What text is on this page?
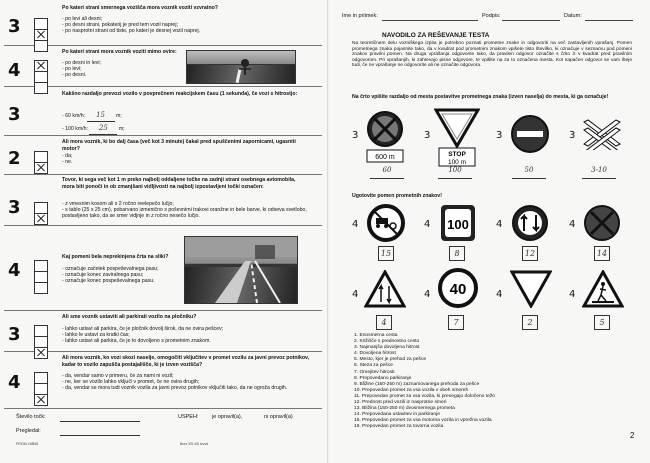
3
Po kateri strani smernega vozišča mora voznik voziti vzvratno?
- po levi ali desni;
- po desni strani, pokaterij je pred tem vozil naprej;
- po nasprotni strani od tiste, po kateri je desnej vozil naprej.
4
Po kateri strani mora voznik voziti mimo ovire:
- po desni in levi;
- po levi;
- po desni.
3
Kakšno razdaljo prevozi vozilo v povprečnem reakcijskem času (1 sekunda), če vozi s hitrostjo:
- 60 km/h: 15 m;
- 100 km/h: 25 m;
2
Ali mora voznik, ki bo dalj časa (več kot 3 minute) čakal pred spuščenimi zapornicami, ugasniti motor?
- da;
- ne.
3
Tovor, ki sega več kot 1 m preko najbolj oddaljene točke na zadnji strani osebnega avtomobila, mora biti ponoči in ob zmanjšani vidljivosti na najbolj izpostavljeni točki označen:
- z vmesnim kosom ali s 2 ročno reelepečo lučjo;
- s tablo (25 x 25 cm), pobarvano izmenično s poševnimi trakovi oranžne in bele barve, ki odseva svetlobo, postavljeno tako, da se smer vidjnje in z ročno nesečo lučjo.
4
Kaj pomeni bela neprekinjena črta na sliki?
- označuje začetek pospeševalnega pasu;
- označuje konec zaviralnega pasu;
- označuje konec pospeševalnega pasu.
3
Ali sme voznik ustaviti ali parkirati vozilo na pločniku?
- lahko ustavi ali parkira, če je pločnik dovolj širok, da ne ovira pešcev;
- lahko le ustavi za kratki čas;
- lahko ustavi ali parkira, če je to dovoljeno s prometnim znakom.
4
Ali mora voznik, ko vozi skozi naselje, omogočiti vključitev v promet vozilu za javni prevoz potnikov, kadar to vozilo zapušča postajališče, ki je izven vozišča?
- da, vendar samo v primeru, če za nami ni vozil;
- ne, ker se vozilo lahko vključi v promet, če ne ovira drugih;
- da, vendar se mora tudi voznik vozila za javni prevoz potnikov vključiti tako, da ne ogroža drugih.
Število točk:	USPEH: je opravil(a),	ni opravil(a)
Pregledal:
PROM-V#B05	Brez 3/5 4/5 Izvod
Ime in priimek:	Podpis:	Datum:
NAVODILO ZA REŠEVANJE TESTA
Na teoretičnem delu vozniškega izpita je potrebno poznati prometne znake in odgovoriti na več zastavljenih vprašanj. Pomen prometnega znaka pojasnite tako, da v kvadrat pod prometnim znakom vpišete tisto številko, ki označuje v seznamu pod pomeni znakov pravilni pomen. Na druga vprašanja odgovorite tako, da pravilen odgovor označite s črko X v kvadrat pred pravilnim odgovorom. Pri vprašanjih, ki zahtevajo pisne odgovore, te vpišite na za to označena mesta. Kot napačen odgovor se vam šteje tudi, če ne vprašanje ne odgovorite ali ne označite odgovora.
Na črto vpišite razdaljo od mesta postavitve prometnega znaka (izven naselja) do mesta, ki ga označuje!
3	3	3	3
600 m	STOP
100 m
60	100	50	3-10
Ugotovite pomen prometnih znakov!
4	4	4	4
100
15	8	12	14
4	4	4	4
40
4	7	2	5
1. Enosmerna cesta
2. Križišče s prednostno cesto
3. Najmanjša dovoljena hitrost
4. Dovoljena hitrost
5. Mesto, kjer je prehod za pešce
6. Steza za pešce
7. Omejitev hitrosti
8. Prepovedano parkiranje
9. Bližine (150-250 m) zaznamovanega prehoda za pešce
10. Prepovedan promet za vsa vozila v obeh smereh
11. Prepovedan promet za vsa vozila, ki presegajo določeno težo
12. Prednost pred vozili iz nasprotne smeri
13. Bližina (150-250 m) dvosmernega prometa
14. Prepovedana ustavitev in parkiranje
15. Prepovedan promet za vsa motorna vozila in vprežna vozila
16. Prepovedan promet za tovorna vozila
2
